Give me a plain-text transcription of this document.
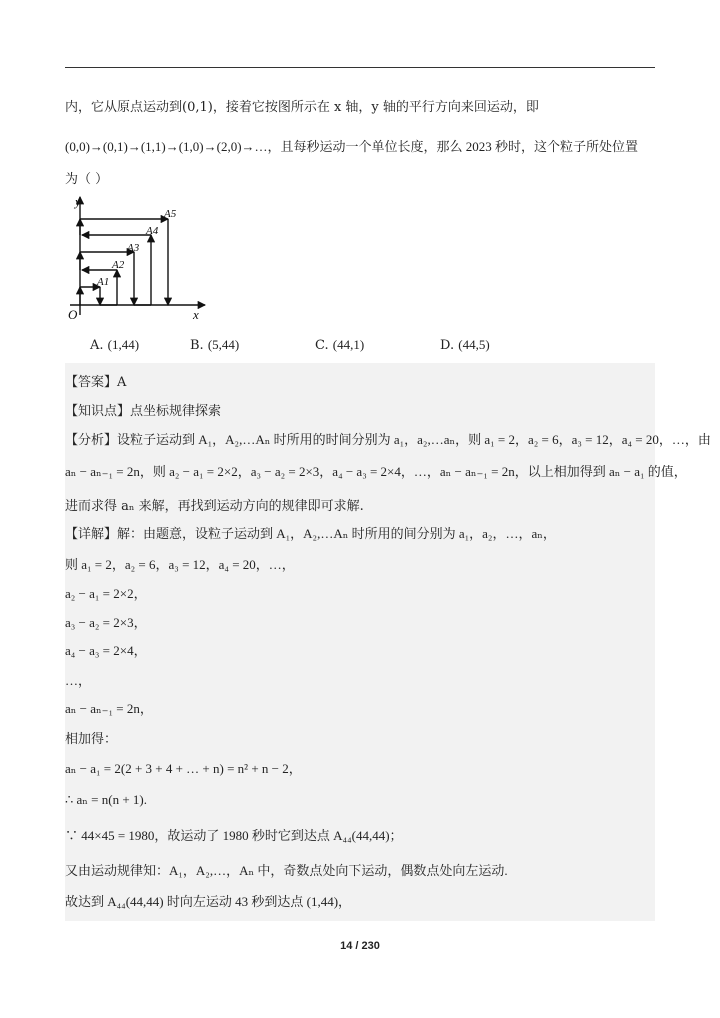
内，它从原点运动到(0,1)，接着它按图所示在 x 轴，y 轴的平行方向来回运动，即
(0,0)→(0,1)→(1,1)→(1,0)→(2,0)→…，且每秒运动一个单位长度，那么 2023 秒时，这个粒子所处位置
为（ ）
y
x
O
A1
A2
A3
A4
A5
A. (1,44)	B. (5,44)	C. (44,1)	D. (44,5)
【答案】A
【知识点】点坐标规律探索
【分析】设粒子运动到 A₁，A₂,…Aₙ 时所用的时间分别为 a₁，a₂,…aₙ，则 a₁ = 2，a₂ = 6，a₃ = 12，a₄ = 20，…，由
aₙ − aₙ₋₁ = 2n，则 a₂ − a₁ = 2×2，a₃ − a₂ = 2×3，a₄ − a₃ = 2×4，…，aₙ − aₙ₋₁ = 2n，以上相加得到 aₙ − a₁ 的值，
进而求得 aₙ 来解，再找到运动方向的规律即可求解.
【详解】解：由题意，设粒子运动到 A₁，A₂,…Aₙ 时所用的间分别为 a₁，a₂，…，aₙ，
则 a₁ = 2，a₂ = 6，a₃ = 12，a₄ = 20，…，
a₂ − a₁ = 2×2，
a₃ − a₂ = 2×3，
a₄ − a₃ = 2×4，
…，
aₙ − aₙ₋₁ = 2n，
相加得：
aₙ − a₁ = 2(2 + 3 + 4 + … + n) = n² + n − 2，
∴ aₙ = n(n + 1).
∵ 44×45 = 1980，故运动了 1980 秒时它到达点 A₄₄(44,44)；
又由运动规律知：A₁，A₂,…，Aₙ 中，奇数点处向下运动，偶数点处向左运动.
故达到 A₄₄(44,44) 时向左运动 43 秒到达点 (1,44)，
14 / 230
